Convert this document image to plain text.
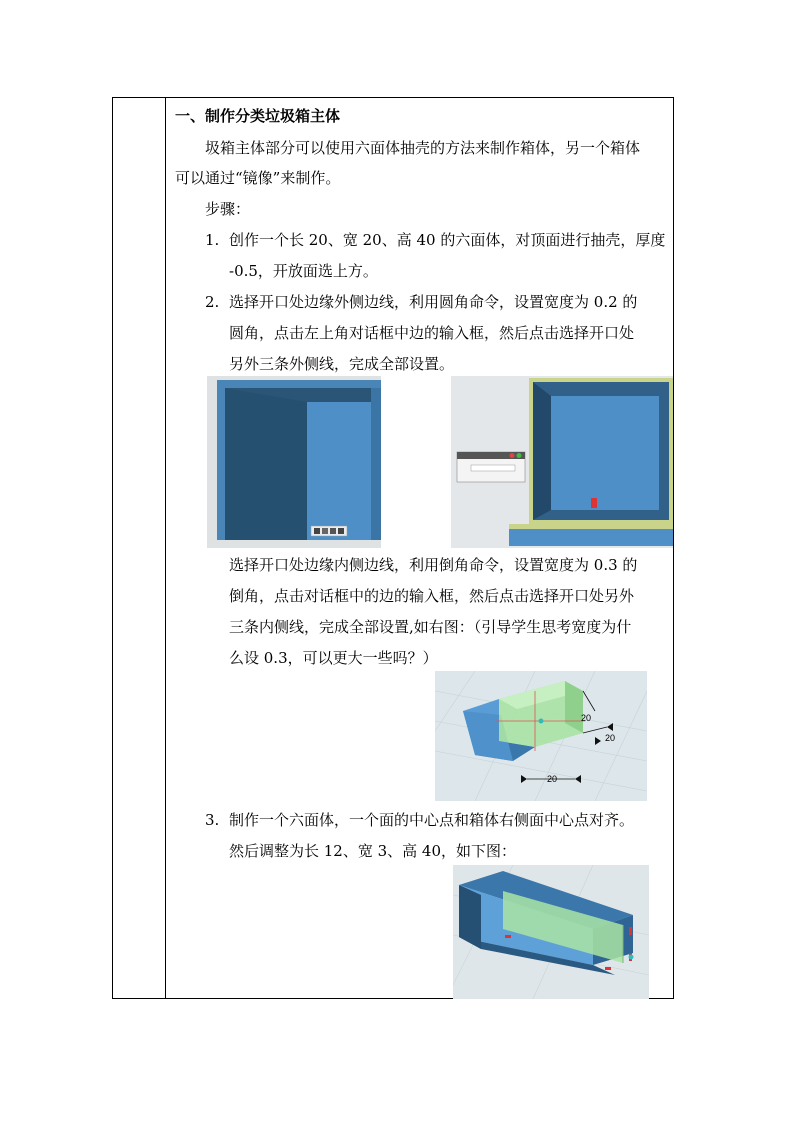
一、制作分类垃圾箱主体
圾箱主体部分可以使用六面体抽壳的方法来制作箱体，另一个箱体
可以通过“镜像”来制作。
步骤：
1. 创作一个长 20、宽 20、高 40 的六面体，对顶面进行抽壳，厚度
-0.5，开放面选上方。
2. 选择开口处边缘外侧边线，利用圆角命令，设置宽度为 0.2 的
圆角，点击左上角对话框中边的输入框，然后点击选择开口处
另外三条外侧线，完成全部设置。
选择开口处边缘内侧边线，利用倒角命令，设置宽度为 0.3 的
倒角，点击对话框中的边的输入框，然后点击选择开口处另外
三条内侧线，完成全部设置,如右图：（引导学生思考宽度为什
么设 0.3，可以更大一些吗？）
20
20
20
3. 制作一个六面体，一个面的中心点和箱体右侧面中心点对齐。
然后调整为长 12、宽 3、高 40，如下图：
